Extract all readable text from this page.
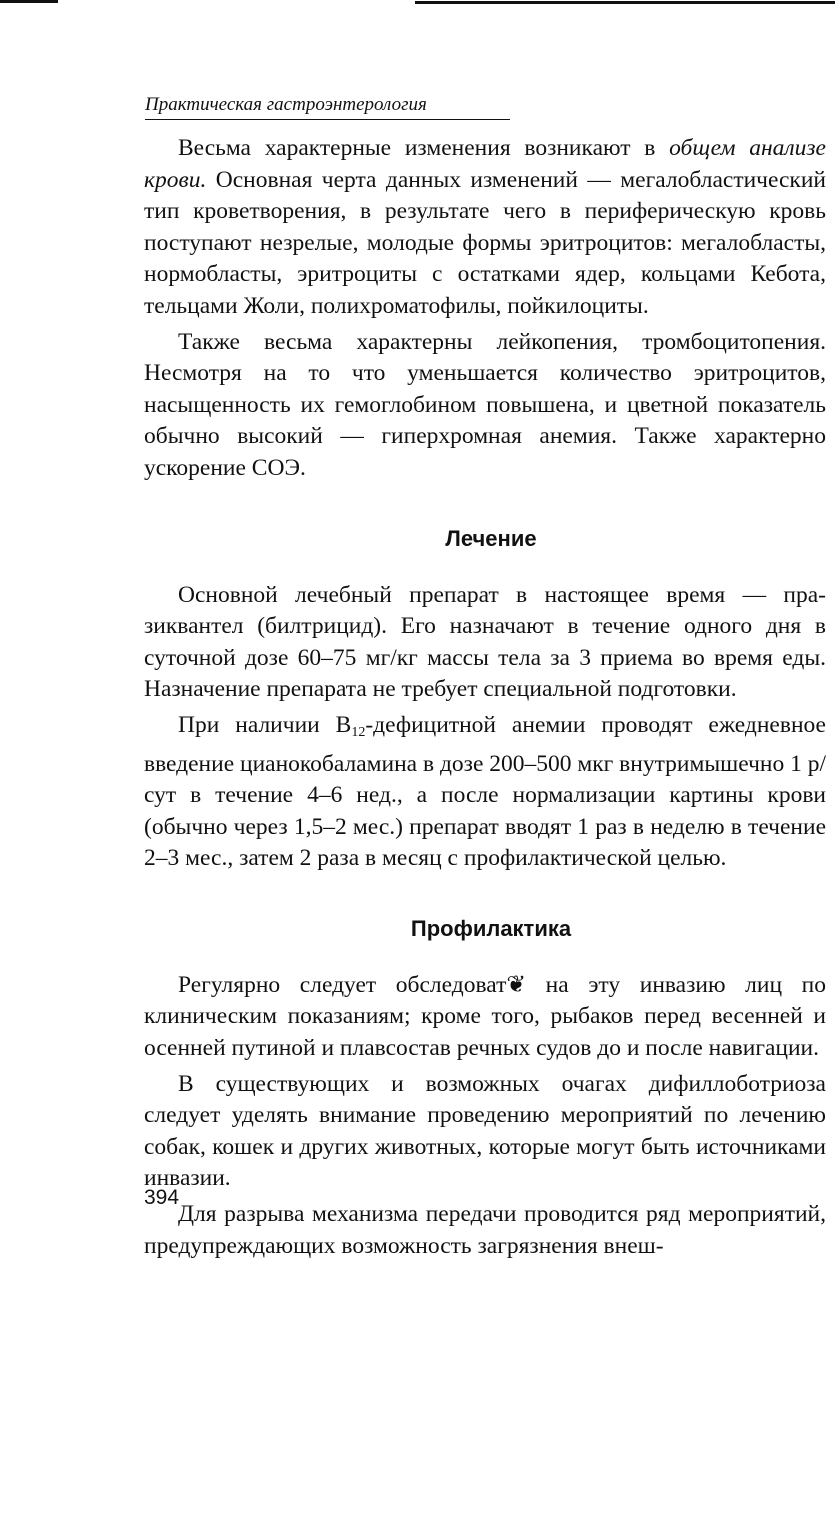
Практическая гастроэнтерология

Весьма характерные изменения возникают в общем анализе крови. Основная черта данных изменений — мегалобластический тип кроветворения, в результате чего в периферическую кровь поступают незрелые, молодые формы эритроцитов: мегалобласты, нормобласты, эритроциты с остатками ядер, кольцами Кебота, тельцами Жоли, полихроматофилы, пойкилоциты.

Также весьма характерны лейкопения, тромбоцитопения. Несмотря на то что уменьшается количество эритроцитов, насыщенность их гемоглобином повышена, и цветной показатель обычно высокий — гиперхромная анемия. Также характерно ускорение СОЭ.

Лечение

Основной лечебный препарат в настоящее время — празиквантел (билтрицид). Его назначают в течение одного дня в суточной дозе 60–75 мг/кг массы тела за 3 приема во время еды. Назначение препарата не требует специальной подготовки.

При наличии $В_{12}$-дефицитной анемии проводят ежедневное введение цианокобаламина в дозе 200–500 мкг внутримышечно 1 р/сут в течение 4–6 нед., а после нормализации картины крови (обычно через 1,5–2 мес.) препарат вводят 1 раз в неделю в течение 2–3 мес., затем 2 раза в месяц с профилактической целью.

Профилактика

Регулярно следует обследоват❦ на эту инвазию лиц по клиническим показаниям; кроме того, рыбаков перед весенней и осенней путиной и плавсостав речных судов до и после навигации.

В существующих и возможных очагах дифиллоботриоза следует уделять внимание проведению мероприятий по лечению собак, кошек и других животных, которые могут быть источниками инвазии.

Для разрыва механизма передачи проводится ряд мероприятий, предупреждающих возможность загрязнения внеш-

394
